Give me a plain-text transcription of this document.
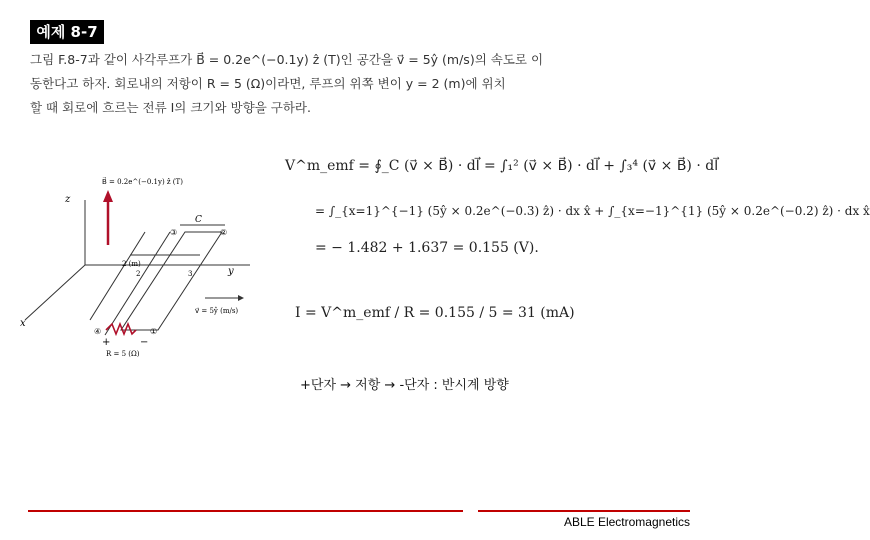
예제 8-7
그림 F.8-7과 같이 사각루프가 B⃗ = 0.2e^(−0.1y) ẑ (T)인 공간을 v⃗ = 5ŷ (m/s)의 속도로 이
동한다고 하자. 회로내의 저항이 R = 5 (Ω)이라면, 루프의 위쪽 변이 y = 2 (m)에 위치
할 때 회로에 흐르는 전류 I의 크기와 방향을 구하라.
z
y
x
B⃗ = 0.2e^(−0.1y) ẑ (T)
C
③	②
2 (m)
2	3
v⃗ = 5ŷ (m/s)
④	①
+	−
R = 5 (Ω)
V^m_emf = ∮_C (v⃗ × B⃗) · dl⃗ = ∫₁² (v⃗ × B⃗) · dl⃗ + ∫₃⁴ (v⃗ × B⃗) · dl⃗
= ∫_{x=1}^{−1} (5ŷ × 0.2e^(−0.3) ẑ) · dx x̂ + ∫_{x=−1}^{1} (5ŷ × 0.2e^(−0.2) ẑ) · dx x̂
= − 1.482 + 1.637 = 0.155 (V).
I = V^m_emf / R = 0.155 / 5 = 31 (mA)
+단자 → 저항 → -단자 : 반시계 방향
ABLE Electromagnetics
